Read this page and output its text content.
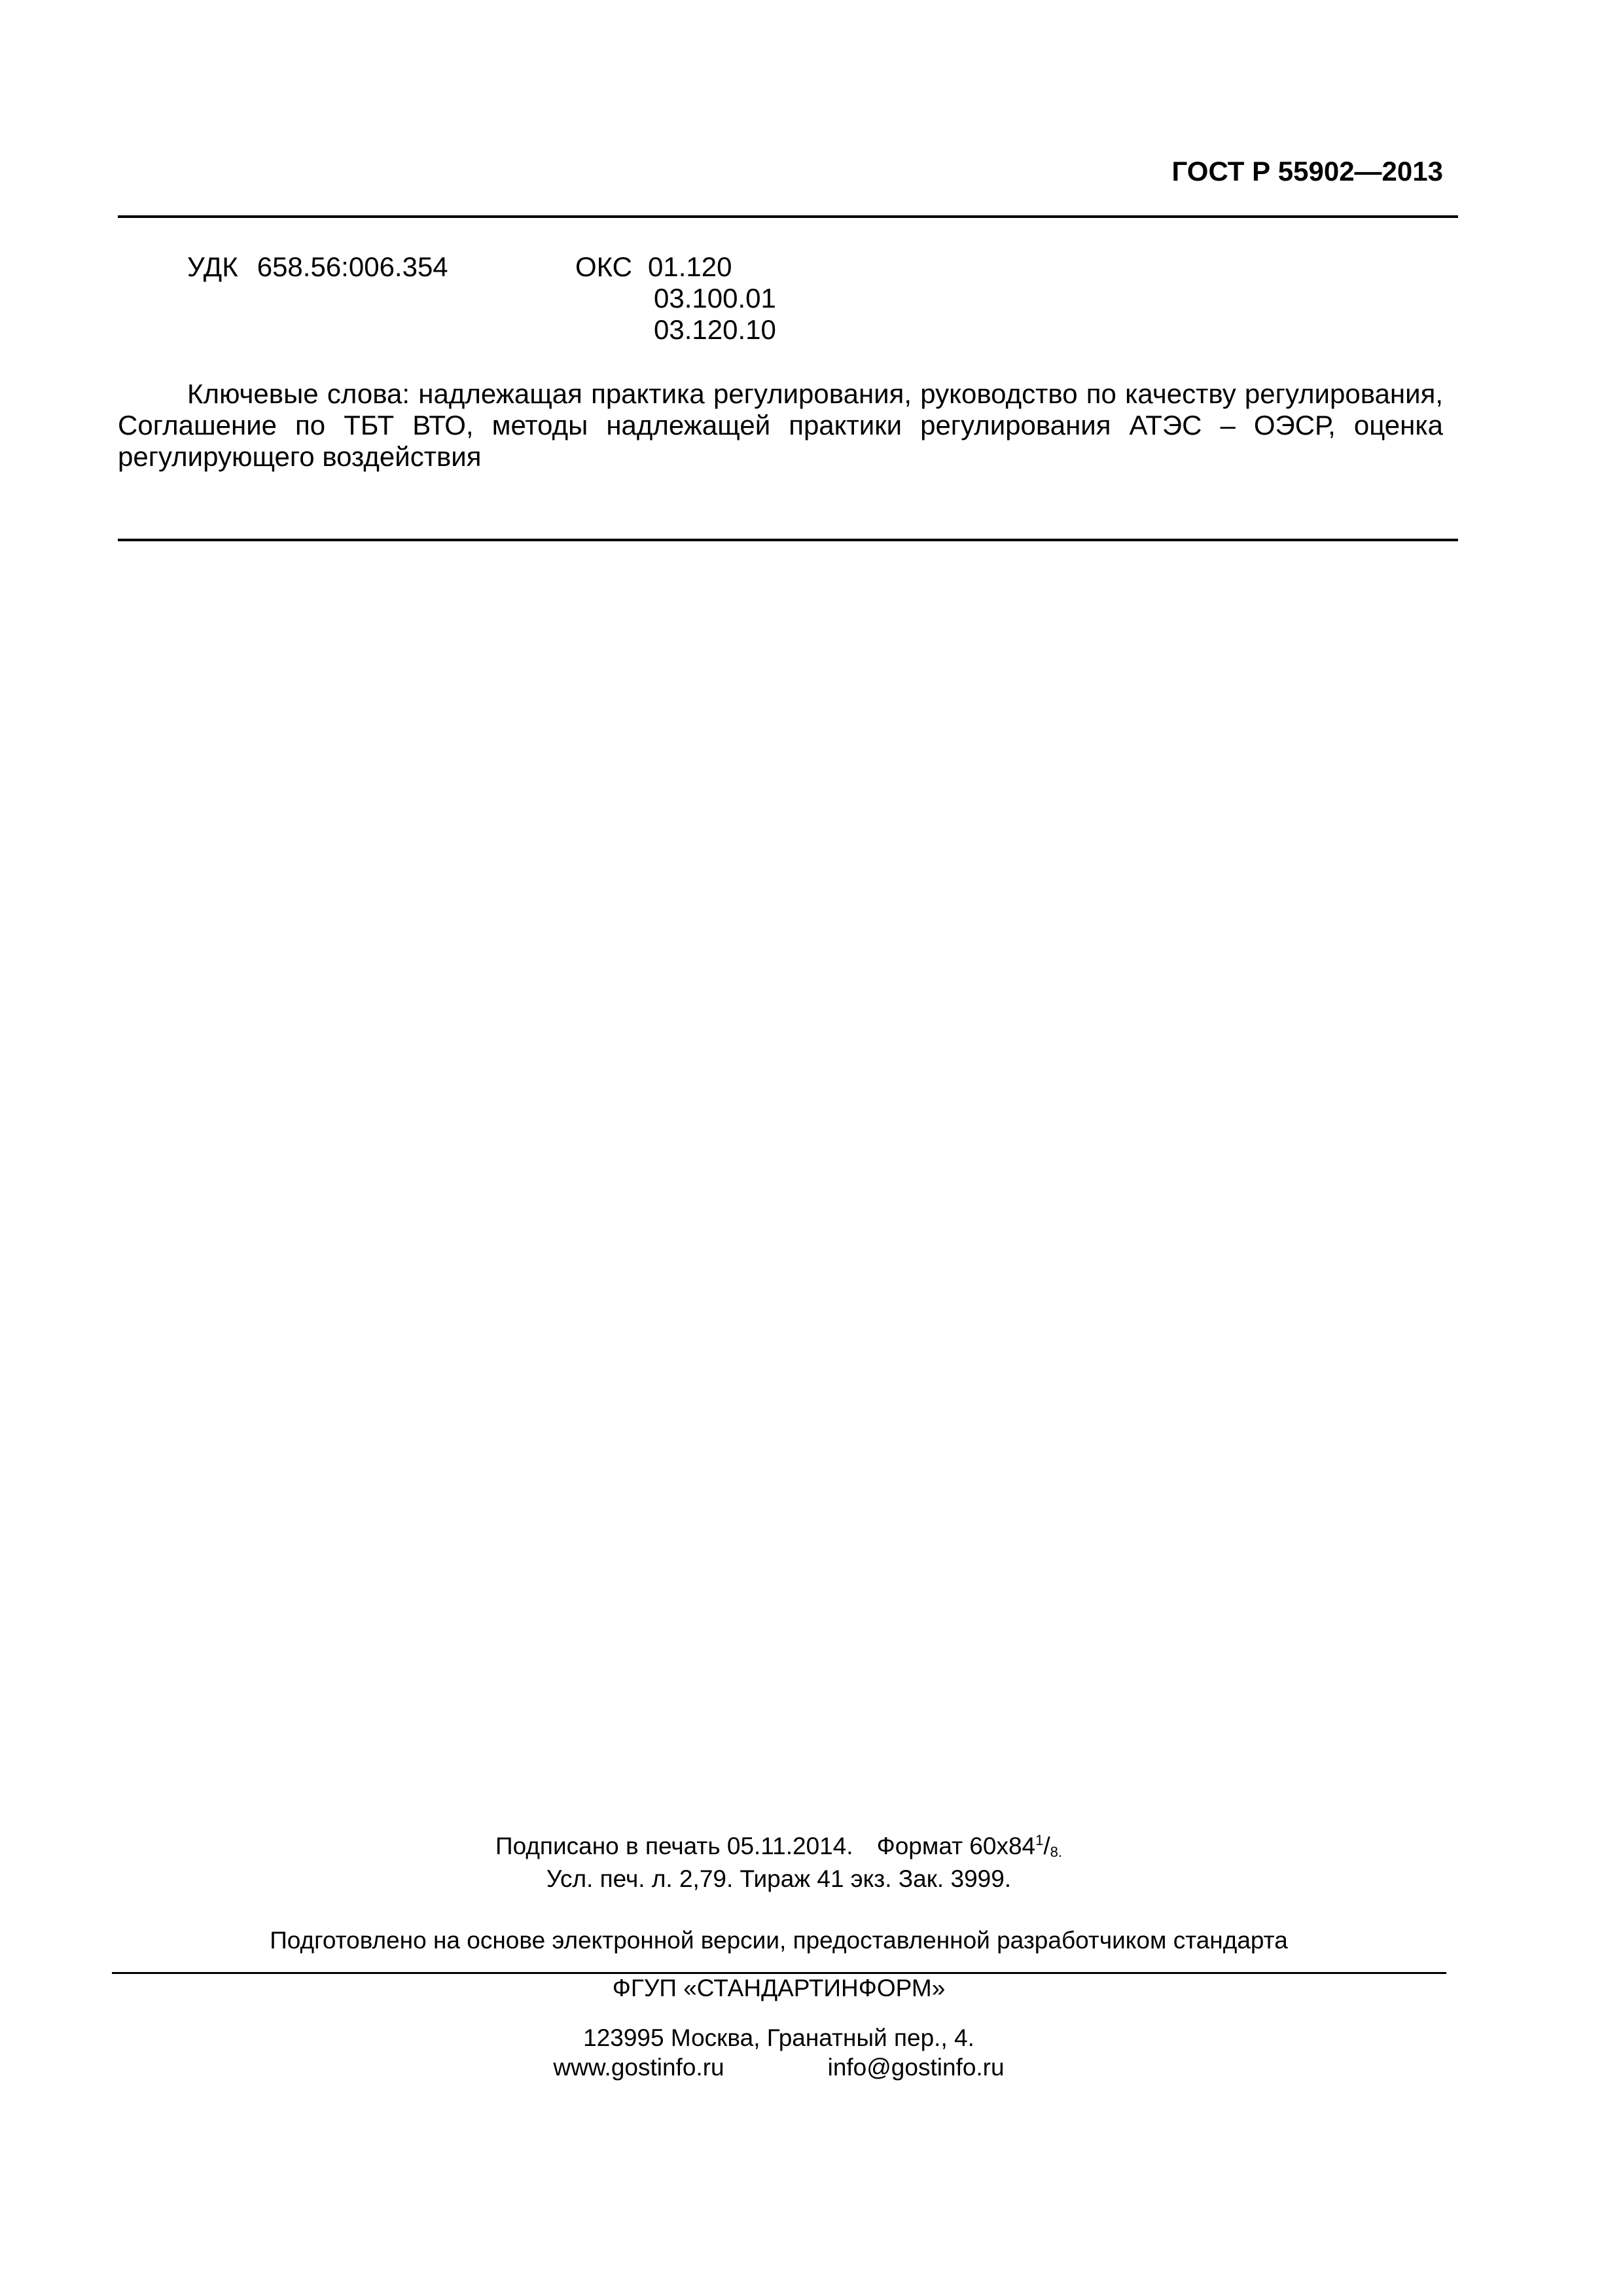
ГОСТ Р 55902—2013
УДК 658.56:006.354	ОКС 01.120
03.100.01
03.120.10
Ключевые слова: надлежащая практика регулирования, руководство по качеству регулирования,
Соглашение по ТБТ ВТО, методы надлежащей практики регулирования АТЭС – ОЭСР, оценка
регулирующего воздействия
Подписано в печать 05.11.2014. Формат $60x84^1/8$.
Усл. печ. л. 2,79. Тираж 41 экз. Зак. 3999.
Подготовлено на основе электронной версии, предоставленной разработчиком стандарта
ФГУП «СТАНДАРТИНФОРМ»
123995 Москва, Гранатный пер., 4.
www.gostinfo.ru	info@gostinfo.ru
